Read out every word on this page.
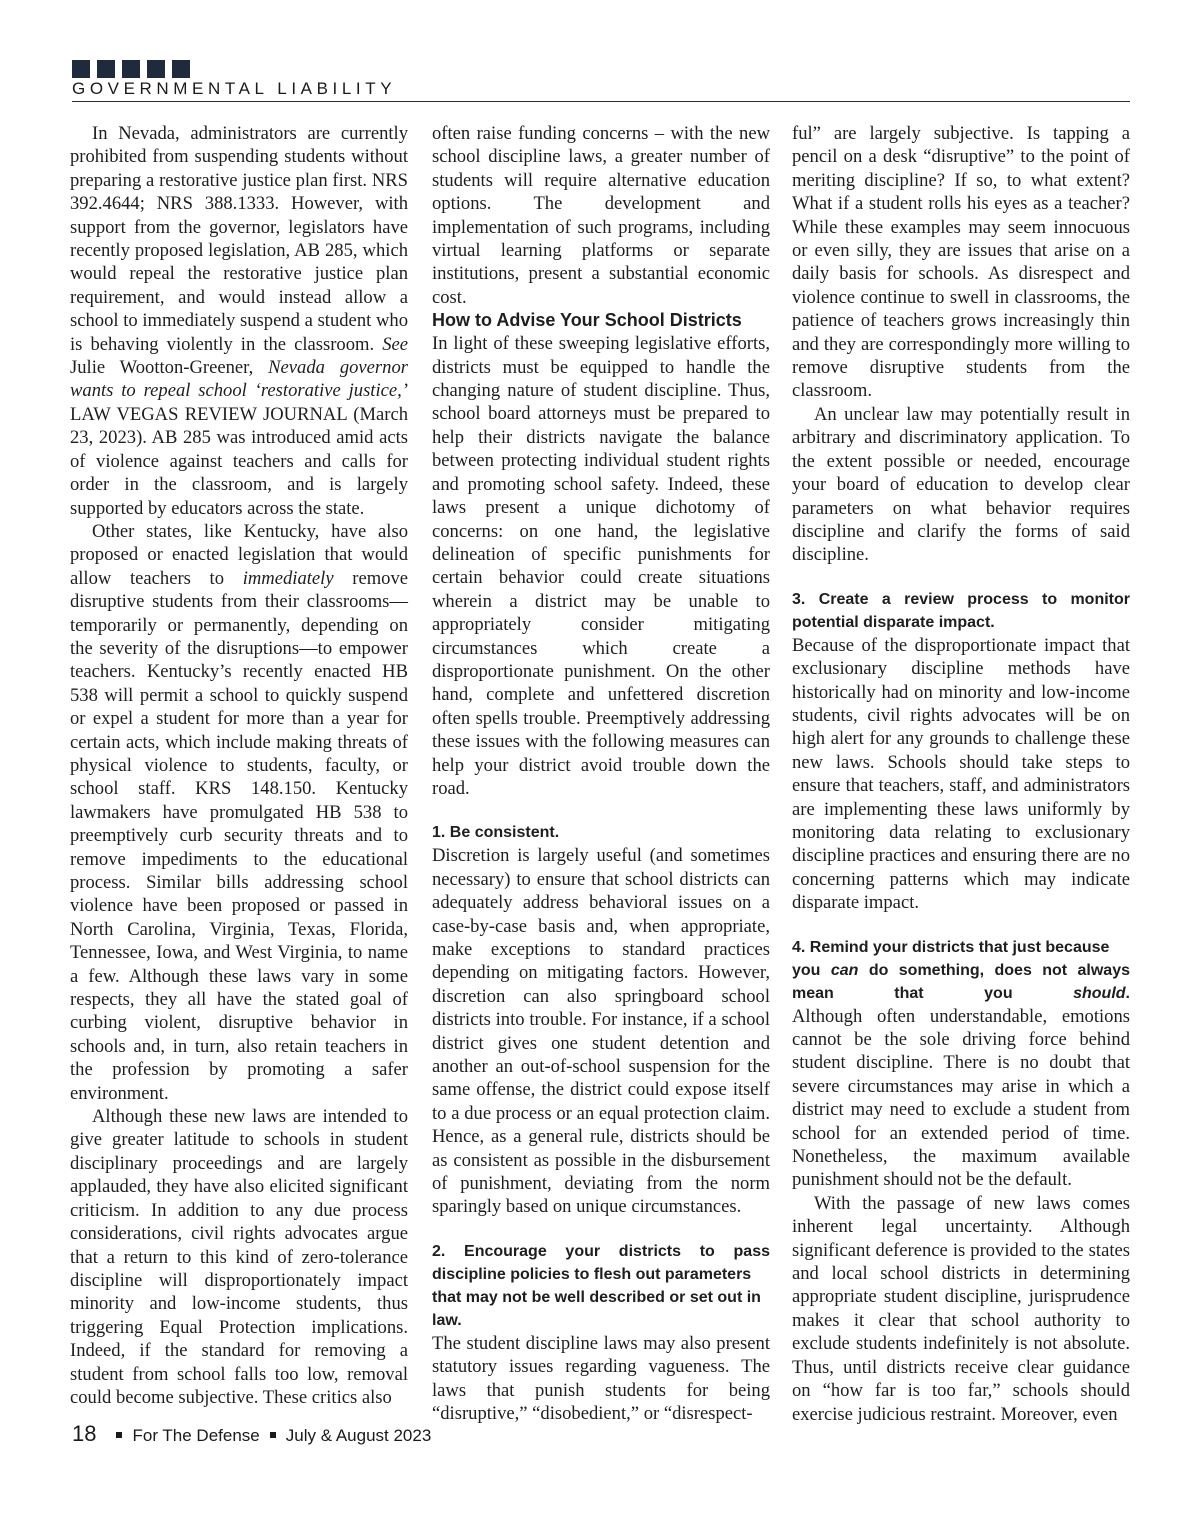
GOVERNMENTAL LIABILITY

In Nevada, administrators are currently prohibited from suspending students without preparing a restorative justice plan first. NRS 392.4644; NRS 388.1333. However, with support from the governor, legislators have recently proposed legislation, AB 285, which would repeal the restorative justice plan requirement, and would instead allow a school to immediately suspend a student who is behaving violently in the classroom. See Julie Wootton-Greener, Nevada governor wants to repeal school ‘restorative justice,’ LAW VEGAS REVIEW JOURNAL (March 23, 2023). AB 285 was introduced amid acts of violence against teachers and calls for order in the classroom, and is largely supported by educators across the state.

Other states, like Kentucky, have also proposed or enacted legislation that would allow teachers to immediately remove disruptive students from their classrooms—temporarily or permanently, depending on the severity of the disruptions—to empower teachers. Kentucky’s recently enacted HB 538 will permit a school to quickly suspend or expel a student for more than a year for certain acts, which include making threats of physical violence to students, faculty, or school staff. KRS 148.150. Kentucky lawmakers have promulgated HB 538 to preemptively curb security threats and to remove impediments to the educational process. Similar bills addressing school violence have been proposed or passed in North Carolina, Virginia, Texas, Florida, Tennessee, Iowa, and West Virginia, to name a few. Although these laws vary in some respects, they all have the stated goal of curbing violent, disruptive behavior in schools and, in turn, also retain teachers in the profession by promoting a safer environment.

Although these new laws are intended to give greater latitude to schools in student disciplinary proceedings and are largely applauded, they have also elicited significant criticism. In addition to any due process considerations, civil rights advocates argue that a return to this kind of zero-tolerance discipline will disproportionately impact minority and low-income students, thus triggering Equal Protection implications. Indeed, if the standard for removing a student from school falls too low, removal could become subjective. These critics also

often raise funding concerns – with the new school discipline laws, a greater number of students will require alternative education options. The development and implementation of such programs, including virtual learning platforms or separate institutions, present a substantial economic cost.

How to Advise Your School Districts

In light of these sweeping legislative efforts, districts must be equipped to handle the changing nature of student discipline. Thus, school board attorneys must be prepared to help their districts navigate the balance between protecting individual student rights and promoting school safety. Indeed, these laws present a unique dichotomy of concerns: on one hand, the legislative delineation of specific punishments for certain behavior could create situations wherein a district may be unable to appropriately consider mitigating circumstances which create a disproportionate punishment. On the other hand, complete and unfettered discretion often spells trouble. Preemptively addressing these issues with the following measures can help your district avoid trouble down the road.

1. Be consistent.

Discretion is largely useful (and sometimes necessary) to ensure that school districts can adequately address behavioral issues on a case-by-case basis and, when appropriate, make exceptions to standard practices depending on mitigating factors. However, discretion can also springboard school districts into trouble. For instance, if a school district gives one student detention and another an out-of-school suspension for the same offense, the district could expose itself to a due process or an equal protection claim. Hence, as a general rule, districts should be as consistent as possible in the disbursement of punishment, deviating from the norm sparingly based on unique circumstances.

2. Encourage your districts to pass
discipline policies to flesh out parameters that may not be well described or set out in law.

The student discipline laws may also present statutory issues regarding vagueness. The laws that punish students for being “disruptive,” “disobedient,” or “disrespect-

ful” are largely subjective. Is tapping a pencil on a desk “disruptive” to the point of meriting discipline? If so, to what extent? What if a student rolls his eyes as a teacher? While these examples may seem innocuous or even silly, they are issues that arise on a daily basis for schools. As disrespect and violence continue to swell in classrooms, the patience of teachers grows increasingly thin and they are correspondingly more willing to remove disruptive students from the classroom.

An unclear law may potentially result in arbitrary and discriminatory application. To the extent possible or needed, encourage your board of education to develop clear parameters on what behavior requires discipline and clarify the forms of said discipline.

3. Create a review process to monitor
potential disparate impact.

Because of the disproportionate impact that exclusionary discipline methods have historically had on minority and low-income students, civil rights advocates will be on high alert for any grounds to challenge these new laws. Schools should take steps to ensure that teachers, staff, and administrators are implementing these laws uniformly by monitoring data relating to exclusionary discipline practices and ensuring there are no concerning patterns which may indicate disparate impact.

4. Remind your districts that just because
you can do something, does not always mean that you should.

Although often understandable, emotions cannot be the sole driving force behind student discipline. There is no doubt that severe circumstances may arise in which a district may need to exclude a student from school for an extended period of time. Nonetheless, the maximum available punishment should not be the default.

With the passage of new laws comes inherent legal uncertainty. Although significant deference is provided to the states and local school districts in determining appropriate student discipline, jurisprudence makes it clear that school authority to exclude students indefinitely is not absolute. Thus, until districts receive clear guidance on “how far is too far,” schools should exercise judicious restraint. Moreover, even

18 For The Defense July & August 2023
